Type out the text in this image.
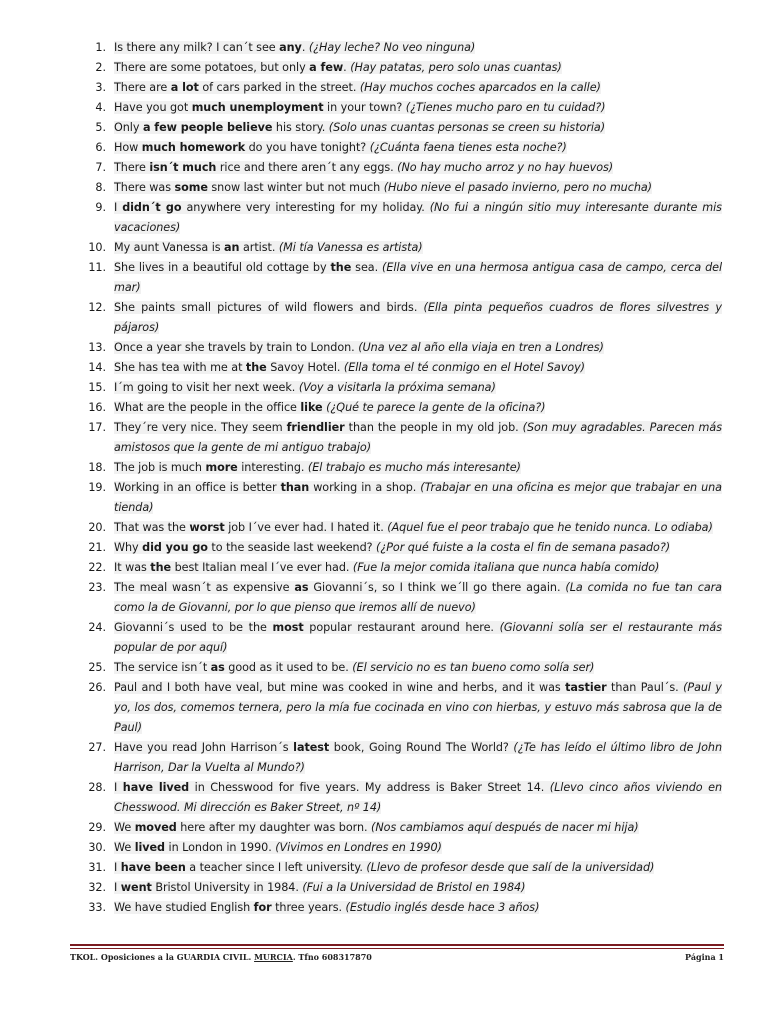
1. Is there any milk? I can´t see any. (¿Hay leche? No veo ninguna)
2. There are some potatoes, but only a few. (Hay patatas, pero solo unas cuantas)
3. There are a lot of cars parked in the street. (Hay muchos coches aparcados en la calle)
4. Have you got much unemployment in your town? (¿Tienes mucho paro en tu cuidad?)
5. Only a few people believe his story. (Solo unas cuantas personas se creen su historia)
6. How much homework do you have tonight? (¿Cuánta faena tienes esta noche?)
7. There isn´t much rice and there aren´t any eggs. (No hay mucho arroz y no hay huevos)
8. There was some snow last winter but not much (Hubo nieve el pasado invierno, pero no mucha)
9. I didn´t go anywhere very interesting for my holiday. (No fui a ningún sitio muy interesante durante mis vacaciones)
10. My aunt Vanessa is an artist. (Mi tía Vanessa es artista)
11. She lives in a beautiful old cottage by the sea. (Ella vive en una hermosa antigua casa de campo, cerca del mar)
12. She paints small pictures of wild flowers and birds. (Ella pinta pequeños cuadros de flores silvestres y pájaros)
13. Once a year she travels by train to London. (Una vez al año ella viaja en tren a Londres)
14. She has tea with me at the Savoy Hotel. (Ella toma el té conmigo en el Hotel Savoy)
15. I´m going to visit her next week. (Voy a visitarla la próxima semana)
16. What are the people in the office like (¿Qué te parece la gente de la oficina?)
17. They´re very nice. They seem friendlier than the people in my old job. (Son muy agradables. Parecen más amistosos que la gente de mi antiguo trabajo)
18. The job is much more interesting. (El trabajo es mucho más interesante)
19. Working in an office is better than working in a shop. (Trabajar en una oficina es mejor que trabajar en una tienda)
20. That was the worst job I´ve ever had. I hated it. (Aquel fue el peor trabajo que he tenido nunca. Lo odiaba)
21. Why did you go to the seaside last weekend? (¿Por qué fuiste a la costa el fin de semana pasado?)
22. It was the best Italian meal I´ve ever had. (Fue la mejor comida italiana que nunca había comido)
23. The meal wasn´t as expensive as Giovanni´s, so I think we´ll go there again. (La comida no fue tan cara como la de Giovanni, por lo que pienso que iremos allí de nuevo)
24. Giovanni´s used to be the most popular restaurant around here. (Giovanni solía ser el restaurante más popular de por aquí)
25. The service isn´t as good as it used to be. (El servicio no es tan bueno como solía ser)
26. Paul and I both have veal, but mine was cooked in wine and herbs, and it was tastier than Paul´s. (Paul y yo, los dos, comemos ternera, pero la mía fue cocinada en vino con hierbas, y estuvo más sabrosa que la de Paul)
27. Have you read John Harrison´s latest book, Going Round The World? (¿Te has leído el último libro de John Harrison, Dar la Vuelta al Mundo?)
28. I have lived in Chesswood for five years. My address is Baker Street 14. (Llevo cinco años viviendo en Chesswood. Mi dirección es Baker Street, nº 14)
29. We moved here after my daughter was born. (Nos cambiamos aquí después de nacer mi hija)
30. We lived in London in 1990. (Vivimos en Londres en 1990)
31. I have been a teacher since I left university. (Llevo de profesor desde que salí de la universidad)
32. I went Bristol University in 1984. (Fui a la Universidad de Bristol en 1984)
33. We have studied English for three years. (Estudio inglés desde hace 3 años)
TKOL. Oposiciones a la GUARDIA CIVIL. MURCIA. Tfno 608317870	Página 1
